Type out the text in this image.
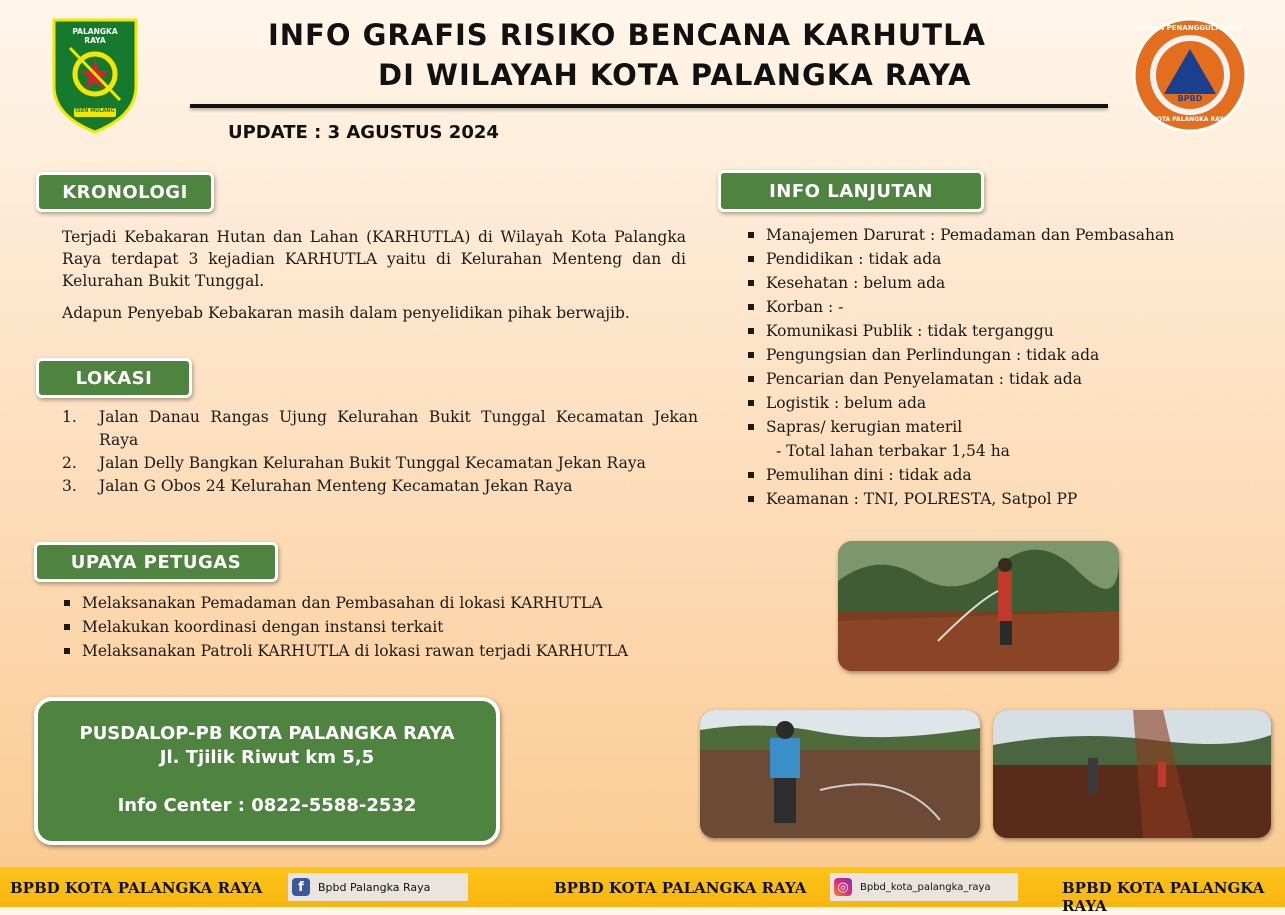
PALANGKA RAYA
ISEN MULANG
INFO GRAFIS RISIKO BENCANA KARHUTLA
DI WILAYAH KOTA PALANGKA RAYA
UPDATE : 3 AGUSTUS 2024
BADAN PENANGGULANGAN
BPBD
KOTA PALANGKA RAYA
KRONOLOGI

Terjadi Kebakaran Hutan dan Lahan (KARHUTLA) di Wilayah Kota Palangka Raya terdapat 3 kejadian KARHUTLA yaitu di Kelurahan Menteng dan di Kelurahan Bukit Tunggal.

Adapun Penyebab Kebakaran masih dalam penyelidikan pihak berwajib.

LOKASI
1. Jalan Danau Rangas Ujung Kelurahan Bukit Tunggal Kecamatan Jekan Raya
2. Jalan Delly Bangkan Kelurahan Bukit Tunggal Kecamatan Jekan Raya
3. Jalan G Obos 24 Kelurahan Menteng Kecamatan Jekan Raya
UPAYA PETUGAS
Melaksanakan Pemadaman dan Pembasahan di lokasi KARHUTLA
Melakukan koordinasi dengan instansi terkait
Melaksanakan Patroli KARHUTLA di lokasi rawan terjadi KARHUTLA
INFO LANJUTAN
Manajemen Darurat : Pemadaman dan Pembasahan
Pendidikan : tidak ada
Kesehatan : belum ada
Korban : -
Komunikasi Publik : tidak terganggu
Pengungsian dan Perlindungan : tidak ada
Pencarian dan Penyelamatan : tidak ada
Logistik : belum ada
Sapras/ kerugian materil
- Total lahan terbakar 1,54 ha
Pemulihan dini : tidak ada
Keamanan : TNI, POLRESTA, Satpol PP
PUSDALOP-PB KOTA PALANGKA RAYA
Jl. Tjilik Riwut km 5,5
Info Center : 0822-5588-2532
BPBD KOTA PALANGKA RAYA	f	Bpbd Palangka Raya	BPBD KOTA PALANGKA RAYA ◎	Bpbd_kota_palangka_raya	BPBD KOTA PALANGKA RAYA
